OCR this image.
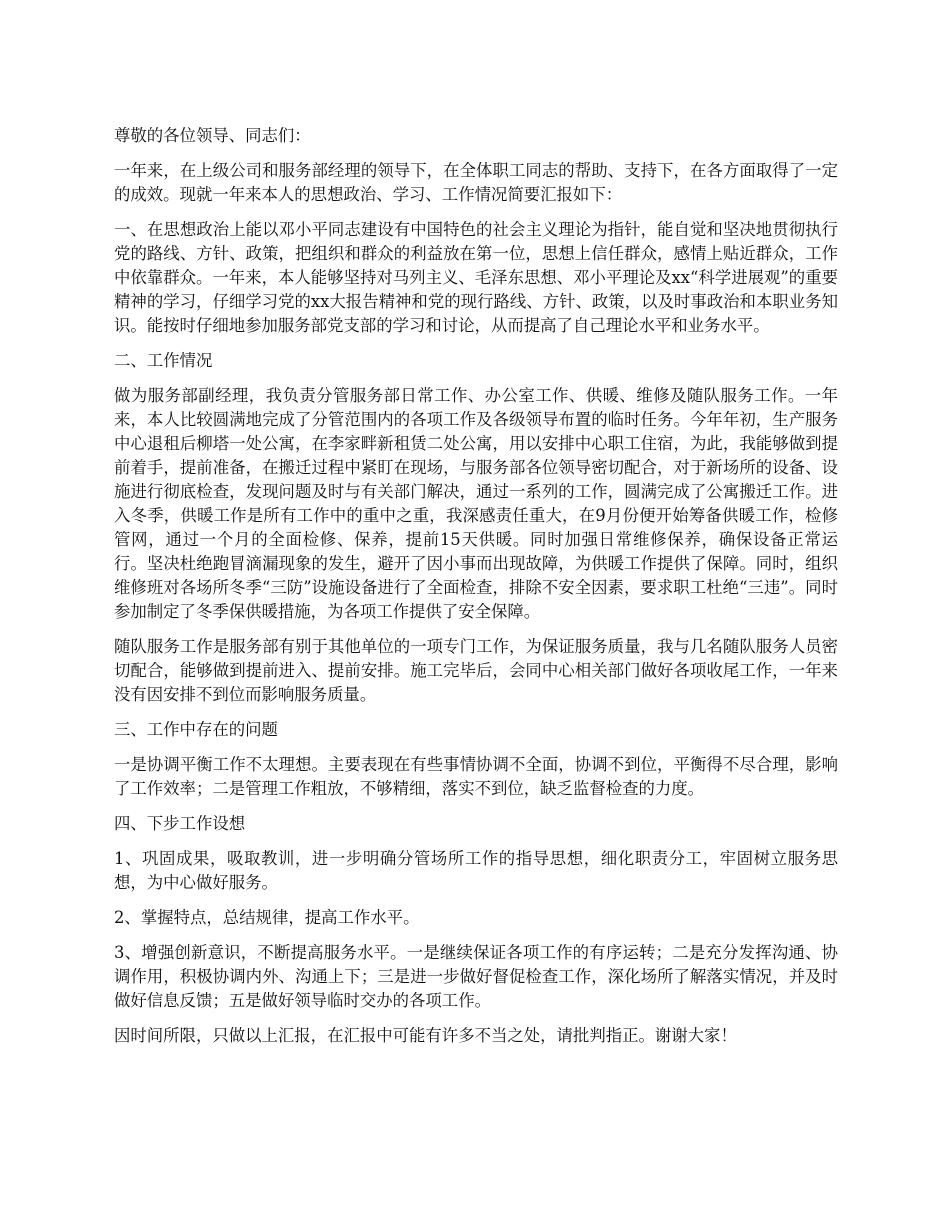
尊敬的各位领导、同志们：

一年来，在上级公司和服务部经理的领导下，在全体职工同志的帮助、支持下，在各方面取得了一定的成效。现就一年来本人的思想政治、学习、工作情况简要汇报如下：

一、在思想政治上能以邓小平同志建设有中国特色的社会主义理论为指针，能自觉和坚决地贯彻执行党的路线、方针、政策，把组织和群众的利益放在第一位，思想上信任群众，感情上贴近群众，工作中依靠群众。一年来，本人能够坚持对马列主义、毛泽东思想、邓小平理论及xx“科学进展观”的重要精神的学习，仔细学习党的xx大报告精神和党的现行路线、方针、政策，以及时事政治和本职业务知识。能按时仔细地参加服务部党支部的学习和讨论，从而提高了自己理论水平和业务水平。

二、工作情况

做为服务部副经理，我负责分管服务部日常工作、办公室工作、供暖、维修及随队服务工作。一年来，本人比较圆满地完成了分管范围内的各项工作及各级领导布置的临时任务。今年年初，生产服务中心退租后柳塔一处公寓，在李家畔新租赁二处公寓，用以安排中心职工住宿，为此，我能够做到提前着手，提前准备，在搬迁过程中紧盯在现场，与服务部各位领导密切配合，对于新场所的设备、设施进行彻底检查，发现问题及时与有关部门解决，通过一系列的工作，圆满完成了公寓搬迁工作。进入冬季，供暖工作是所有工作中的重中之重，我深感责任重大，在9月份便开始筹备供暖工作，检修管网，通过一个月的全面检修、保养，提前15天供暖。同时加强日常维修保养，确保设备正常运行。坚决杜绝跑冒滴漏现象的发生，避开了因小事而出现故障，为供暖工作提供了保障。同时，组织维修班对各场所冬季“三防”设施设备进行了全面检查，排除不安全因素，要求职工杜绝“三违”。同时参加制定了冬季保供暖措施，为各项工作提供了安全保障。

随队服务工作是服务部有别于其他单位的一项专门工作，为保证服务质量，我与几名随队服务人员密切配合，能够做到提前进入、提前安排。施工完毕后，会同中心相关部门做好各项收尾工作，一年来没有因安排不到位而影响服务质量。

三、工作中存在的问题

一是协调平衡工作不太理想。主要表现在有些事情协调不全面，协调不到位，平衡得不尽合理，影响了工作效率；二是管理工作粗放，不够精细，落实不到位，缺乏监督检查的力度。

四、下步工作设想

1、巩固成果，吸取教训，进一步明确分管场所工作的指导思想，细化职责分工，牢固树立服务思想，为中心做好服务。

2、掌握特点，总结规律，提高工作水平。

3、增强创新意识，不断提高服务水平。一是继续保证各项工作的有序运转；二是充分发挥沟通、协调作用，积极协调内外、沟通上下；三是进一步做好督促检查工作，深化场所了解落实情况，并及时做好信息反馈；五是做好领导临时交办的各项工作。

因时间所限，只做以上汇报，在汇报中可能有许多不当之处，请批判指正。谢谢大家！
